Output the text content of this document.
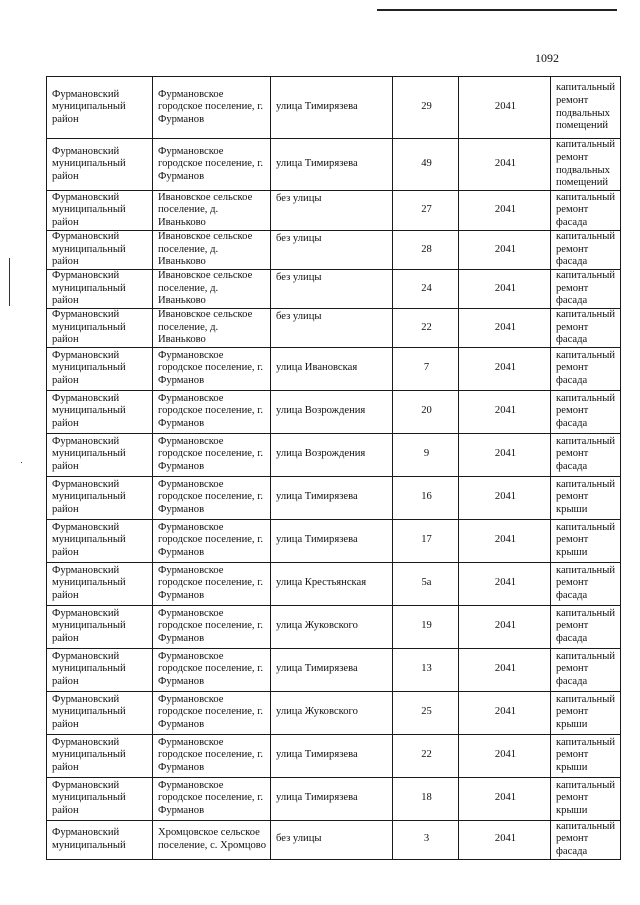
1092
Фурмановский муниципальный район	Фурмановское городское поселение, г. Фурманов	улица Тимирязева	29	2041	капитальный ремонт подвальных помещений
Фурмановский муниципальный район	Фурмановское городское поселение, г. Фурманов	улица Тимирязева	49	2041	капитальный ремонт подвальных помещений
Фурмановский муниципальный район	Ивановское сельское поселение, д. Иваньково	без улицы	27	2041	капитальный ремонт фасада
Фурмановский муниципальный район	Ивановское сельское поселение, д. Иваньково	без улицы	28	2041	капитальный ремонт фасада
Фурмановский муниципальный район	Ивановское сельское поселение, д. Иваньково	без улицы	24	2041	капитальный ремонт фасада
Фурмановский муниципальный район	Ивановское сельское поселение, д. Иваньково	без улицы	22	2041	капитальный ремонт фасада
Фурмановский муниципальный район	Фурмановское городское поселение, г. Фурманов	улица Ивановская	7	2041	капитальный ремонт фасада
Фурмановский муниципальный район	Фурмановское городское поселение, г. Фурманов	улица Возрождения	20	2041	капитальный ремонт фасада
Фурмановский муниципальный район	Фурмановское городское поселение, г. Фурманов	улица Возрождения	9	2041	капитальный ремонт фасада
Фурмановский муниципальный район	Фурмановское городское поселение, г. Фурманов	улица Тимирязева	16	2041	капитальный ремонт крыши
Фурмановский муниципальный район	Фурмановское городское поселение, г. Фурманов	улица Тимирязева	17	2041	капитальный ремонт крыши
Фурмановский муниципальный район	Фурмановское городское поселение, г. Фурманов	улица Крестьянская	5а	2041	капитальный ремонт фасада
Фурмановский муниципальный район	Фурмановское городское поселение, г. Фурманов	улица Жуковского	19	2041	капитальный ремонт фасада
Фурмановский муниципальный район	Фурмановское городское поселение, г. Фурманов	улица Тимирязева	13	2041	капитальный ремонт фасада
Фурмановский муниципальный район	Фурмановское городское поселение, г. Фурманов	улица Жуковского	25	2041	капитальный ремонт крыши
Фурмановский муниципальный район	Фурмановское городское поселение, г. Фурманов	улица Тимирязева	22	2041	капитальный ремонт крыши
Фурмановский муниципальный район	Фурмановское городское поселение, г. Фурманов	улица Тимирязева	18	2041	капитальный ремонт крыши
Фурмановский муниципальный	Хромцовское сельское поселение, с. Хромцово	без улицы	3	2041	капитальный ремонт фасада
